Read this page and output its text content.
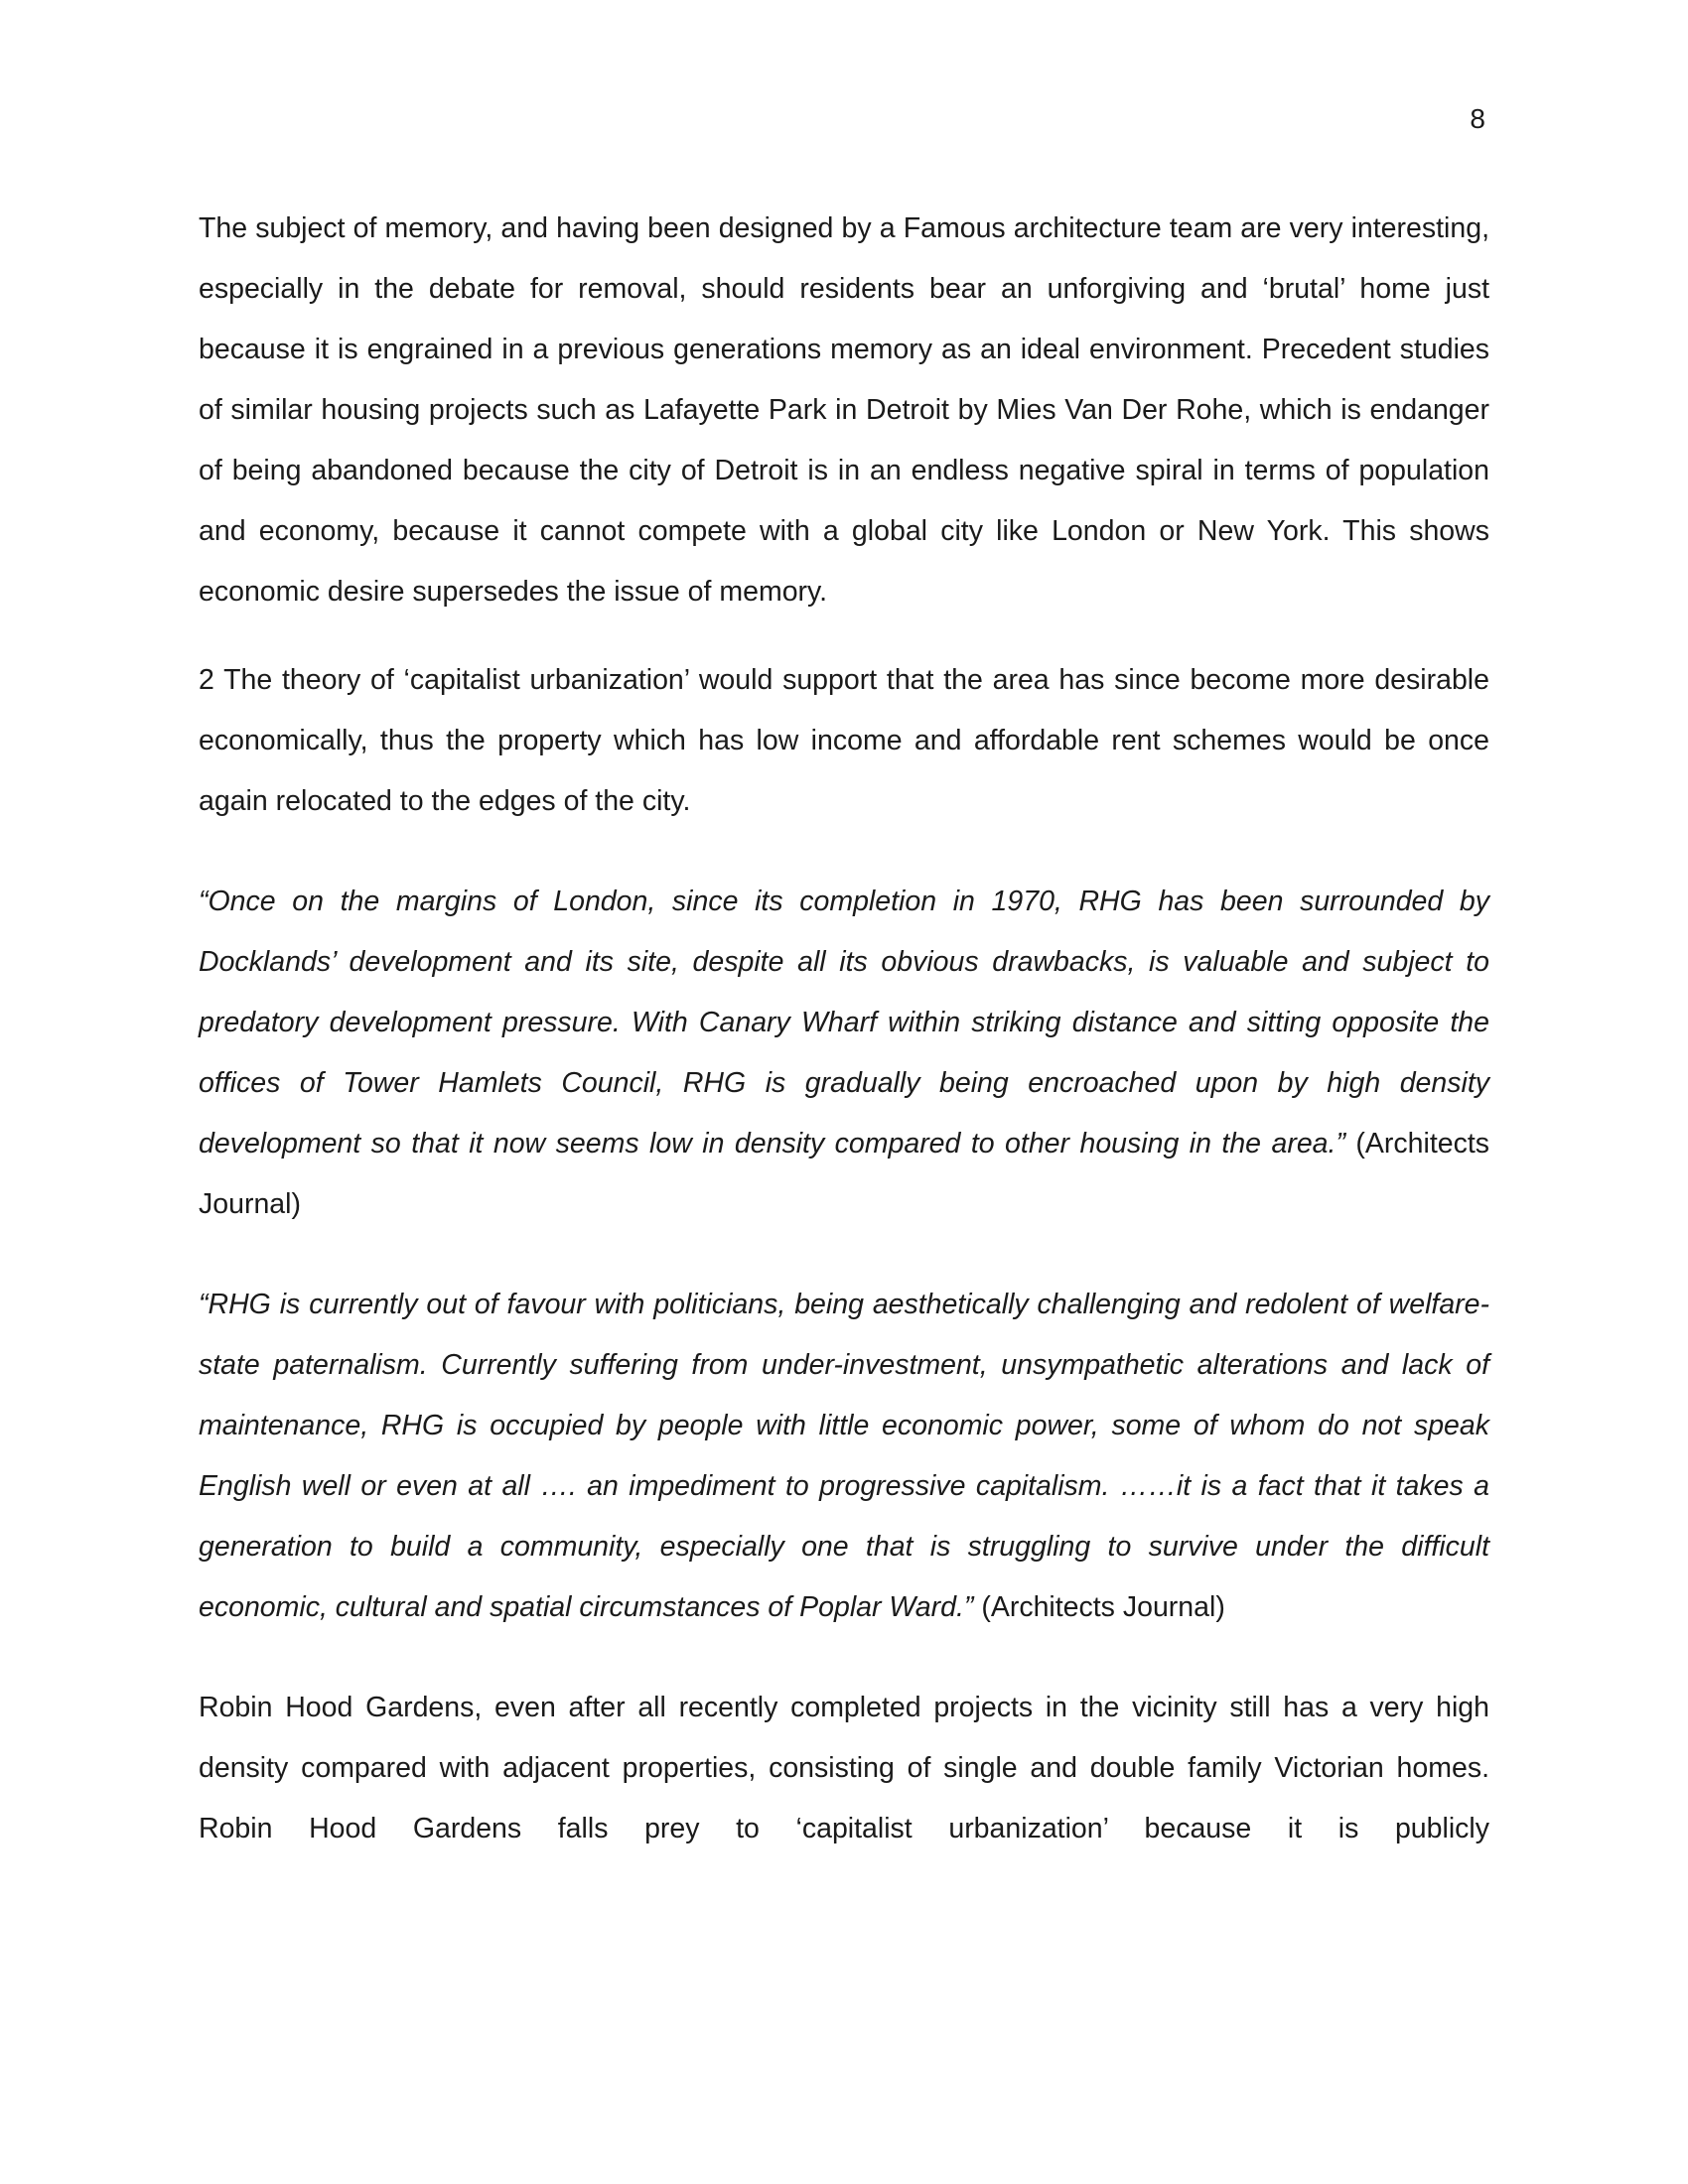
8

The subject of memory, and having been designed by a Famous architecture team are very interesting, especially in the debate for removal, should residents bear an unforgiving and ‘brutal’ home just because it is engrained in a previous generations memory as an ideal environment. Precedent studies of similar housing projects such as Lafayette Park in Detroit by Mies Van Der Rohe, which is endanger of being abandoned because the city of Detroit is in an endless negative spiral in terms of population and economy, because it cannot compete with a global city like London or New York. This shows economic desire supersedes the issue of memory.

2 The theory of ‘capitalist urbanization’ would support that the area has since become more desirable economically, thus the property which has low income and affordable rent schemes would be once again relocated to the edges of the city.

“Once on the margins of London, since its completion in 1970, RHG has been surrounded by Docklands’ development and its site, despite all its obvious drawbacks, is valuable and subject to predatory development pressure. With Canary Wharf within striking distance and sitting opposite the offices of Tower Hamlets Council, RHG is gradually being encroached upon by high density development so that it now seems low in density compared to other housing in the area.” (Architects Journal)

“RHG is currently out of favour with politicians, being aesthetically challenging and redolent of welfare-state paternalism. Currently suffering from under-investment, unsympathetic alterations and lack of maintenance, RHG is occupied by people with little economic power, some of whom do not speak English well or even at all …. an impediment to progressive capitalism. ……it is a fact that it takes a generation to build a community, especially one that is struggling to survive under the difficult economic, cultural and spatial circumstances of Poplar Ward.” (Architects Journal)

Robin Hood Gardens, even after all recently completed projects in the vicinity still has a very high density compared with adjacent properties, consisting of single and double family Victorian homes. Robin Hood Gardens falls prey to ‘capitalist urbanization’ because it is publicly
